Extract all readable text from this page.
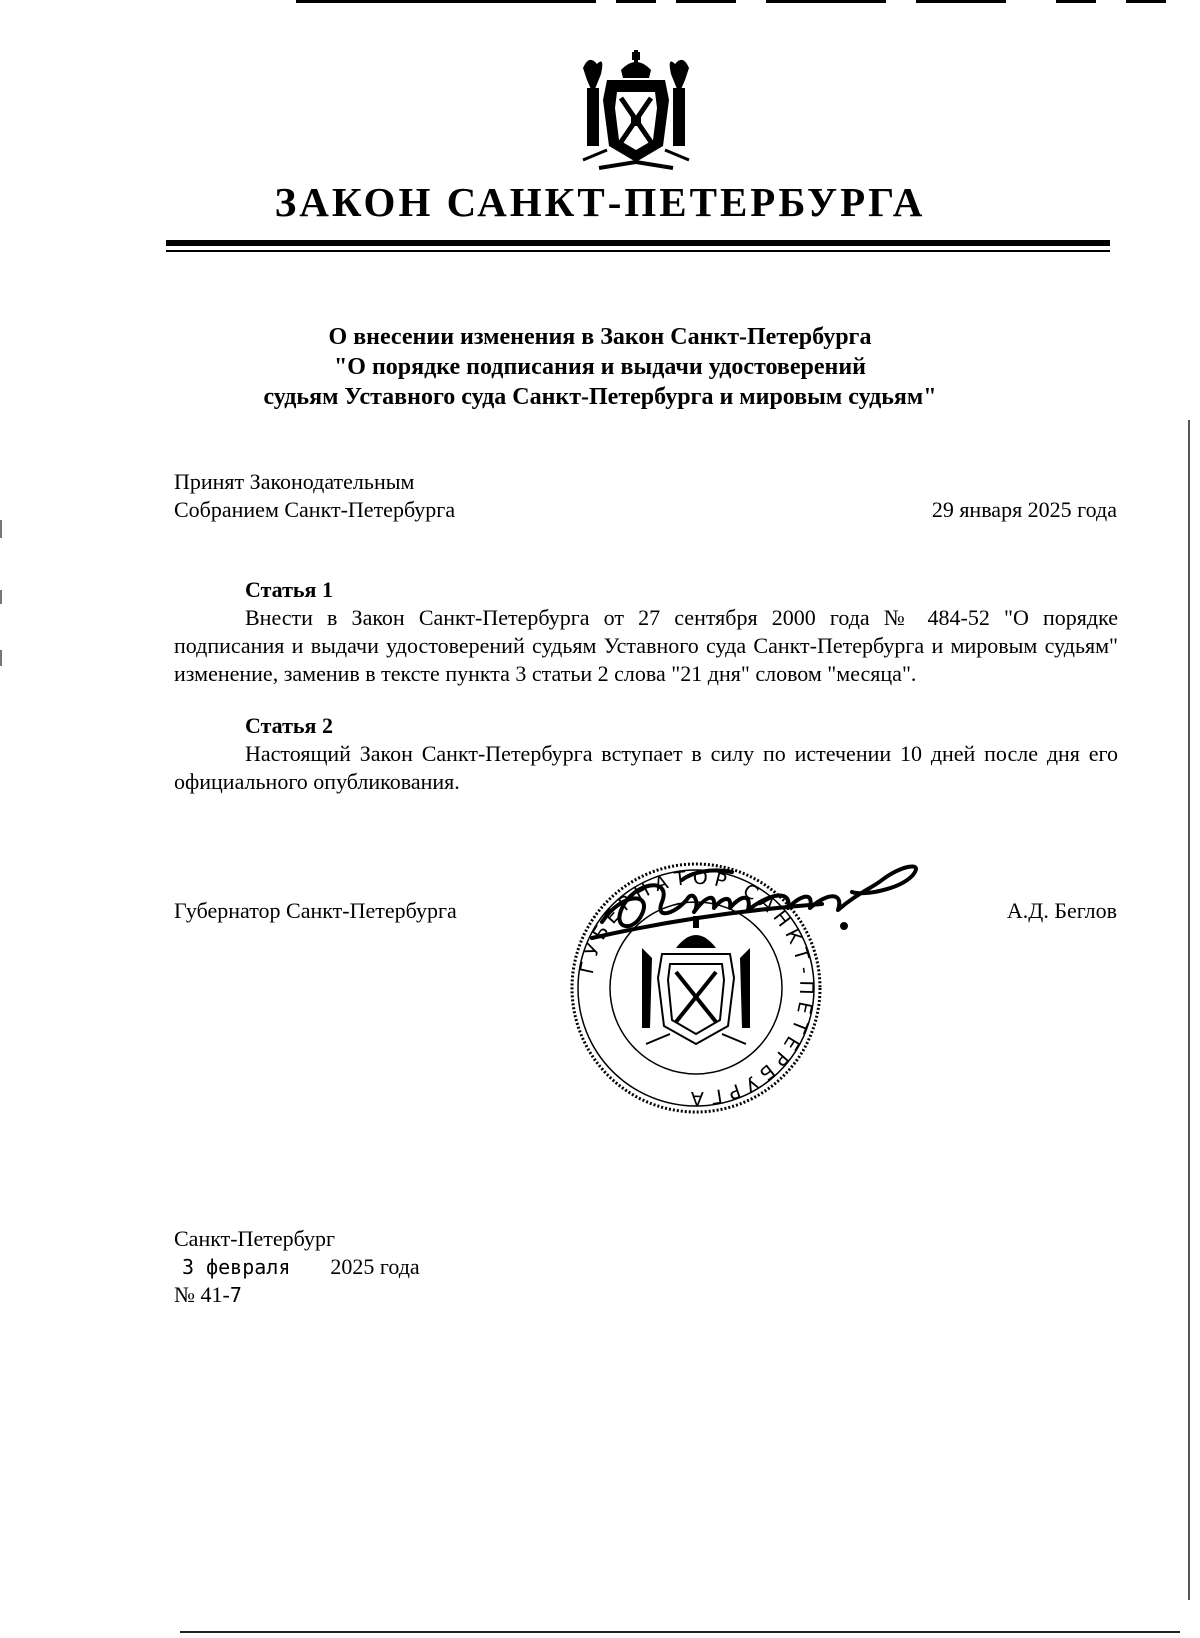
ЗАКОН САНКТ-ПЕТЕРБУРГА
О внесении изменения в Закон Санкт-Петербурга
"О порядке подписания и выдачи удостоверений
судьям Уставного суда Санкт-Петербурга и мировым судьям"
Принят Законодательным
Собранием Санкт-Петербурга	29 января 2025 года
Статья 1
Внести в Закон Санкт-Петербурга от 27 сентября 2000 года № 484-52 "О порядке подписания и выдачи удостоверений судьям Уставного суда Санкт-Петербурга и мировым судьям" изменение, заменив в тексте пункта 3 статьи 2 слова "21 дня" словом "месяца".
Статья 2
Настоящий Закон Санкт-Петербурга вступает в силу по истечении 10 дней после дня его официального опубликования.
Губернатор Санкт-Петербурга	А.Д. Беглов
ГУБЕРНАТОР САНКТ-ПЕТЕРБУРГА
Санкт-Петербург
3 февраля 2025 года
№ 41-7
